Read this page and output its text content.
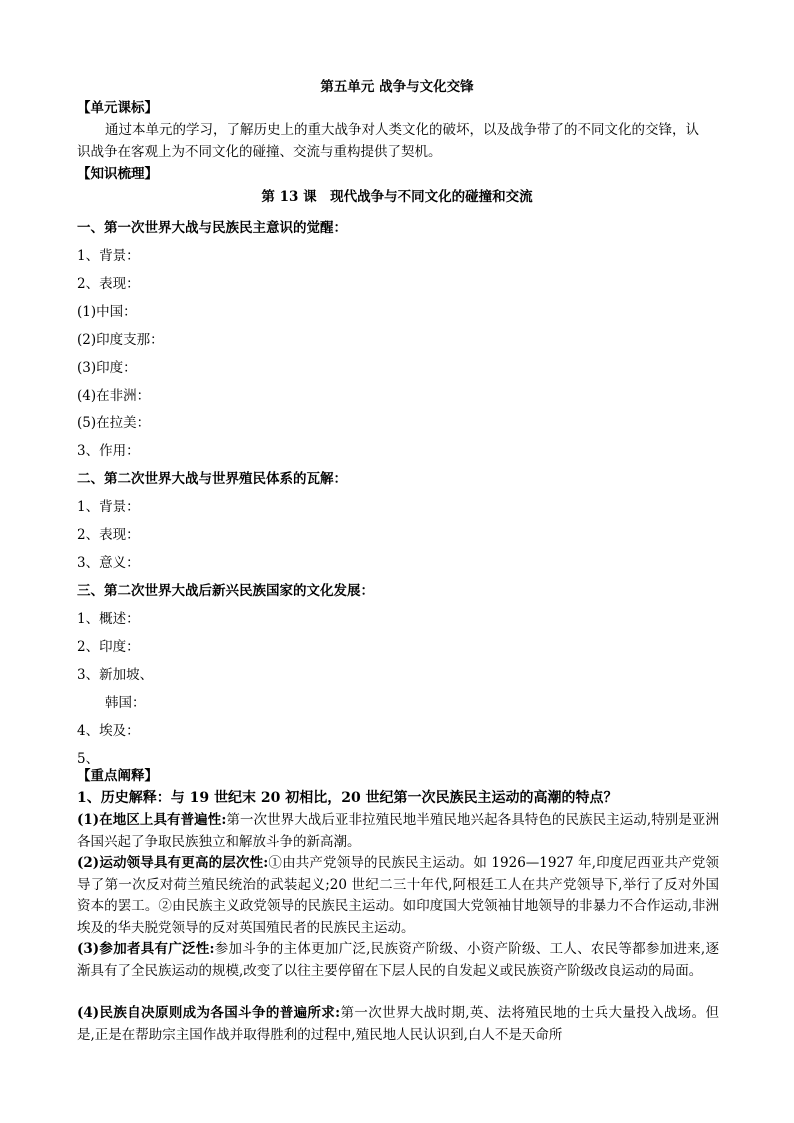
第五单元 战争与文化交锋
【单元课标】
通过本单元的学习，了解历史上的重大战争对人类文化的破坏，以及战争带了的不同文化的交锋，认
识战争在客观上为不同文化的碰撞、交流与重构提供了契机。
【知识梳理】
第 13 课　现代战争与不同文化的碰撞和交流
一、第一次世界大战与民族民主意识的觉醒：
1、背景：
2、表现：
(1)中国：
(2)印度支那：
(3)印度：
(4)在非洲：
(5)在拉美：
3、作用：
二、第二次世界大战与世界殖民体系的瓦解：
1、背景：
2、表现：
3、意义：
三、第二次世界大战后新兴民族国家的文化发展：
1、概述：
2、印度：
3、新加坡、
韩国：
4、埃及：
5、
【重点阐释】
1、历史解释：与 19 世纪末 20 初相比，20 世纪第一次民族民主运动的高潮的特点？
(1)在地区上具有普遍性:第一次世界大战后亚非拉殖民地半殖民地兴起各具特色的民族民主运动,特别是亚洲各国兴起了争取民族独立和解放斗争的新高潮。
(2)运动领导具有更高的层次性:①由共产党领导的民族民主运动。如 1926—1927 年,印度尼西亚共产党领导了第一次反对荷兰殖民统治的武装起义;20 世纪二三十年代,阿根廷工人在共产党领导下,举行了反对外国资本的罢工。②由民族主义政党领导的民族民主运动。如印度国大党领袖甘地领导的非暴力不合作运动,非洲埃及的华夫脱党领导的反对英国殖民者的民族民主运动。
(3)参加者具有广泛性:参加斗争的主体更加广泛,民族资产阶级、小资产阶级、工人、农民等都参加进来,逐渐具有了全民族运动的规模,改变了以往主要停留在下层人民的自发起义或民族资产阶级改良运动的局面。
(4)民族自决原则成为各国斗争的普遍所求:第一次世界大战时期,英、法将殖民地的士兵大量投入战场。但是,正是在帮助宗主国作战并取得胜利的过程中,殖民地人民认识到,白人不是天命所
